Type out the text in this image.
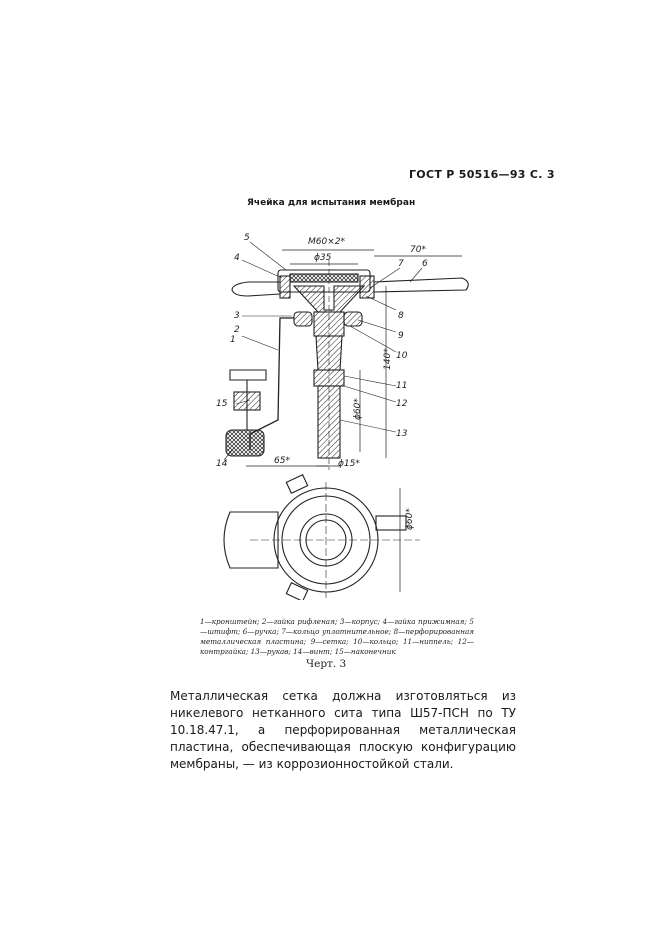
ГОСТ Р 50516—93 С. 3
Ячейка для испытания мембран
M60×2*
ϕ35
70*
140*
ϕ60*
ϕ15*
65*
ϕ60*
5
4
3
2
1
15
14
7 6
8
9
10
11
12
13
1—кронштейн; 2—гайка рифленая; 3—корпус; 4—гайка прижимная; 5—штифт; 6—ручка; 7—кольцо уплотнительное; 8—перфорированная металлическая пластина; 9—сетка; 10—кольцо; 11—ниппель; 12—контргайка; 13—рукав; 14—винт; 15—наконечник
Черт. 3
Металлическая сетка должна изготовляться из никелевого нетканного сита типа Ш57-ПСН по ТУ 10.18.47.1, а перфорированная металлическая пластина, обеспечивающая плоскую конфигурацию мембраны, — из коррозионностойкой стали.
